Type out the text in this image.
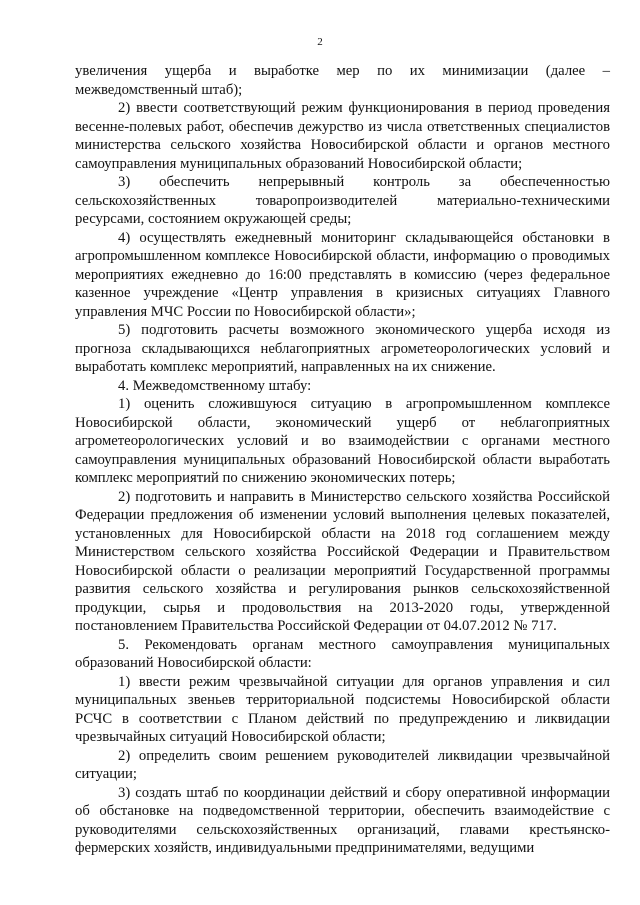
2

увеличения ущерба и выработке мер по их минимизации (далее – межведомственный штаб);

2) ввести соответствующий режим функционирования в период проведения весенне-полевых работ, обеспечив дежурство из числа ответственных специалистов министерства сельского хозяйства Новосибирской области и органов местного самоуправления муниципальных образований Новосибирской области;

3) обеспечить непрерывный контроль за обеспеченностью сельскохозяйственных товаропроизводителей материально-техническими ресурсами, состоянием окружающей среды;

4) осуществлять ежедневный мониторинг складывающейся обстановки в агропромышленном комплексе Новосибирской области, информацию о проводимых мероприятиях ежедневно до 16:00 представлять в комиссию (через федеральное казенное учреждение «Центр управления в кризисных ситуациях Главного управления МЧС России по Новосибирской области»;

5) подготовить расчеты возможного экономического ущерба исходя из прогноза складывающихся неблагоприятных агрометеорологических условий и выработать комплекс мероприятий, направленных на их снижение.

4. Межведомственному штабу:

1) оценить сложившуюся ситуацию в агропромышленном комплексе Новосибирской области, экономический ущерб от неблагоприятных агрометеорологических условий и во взаимодействии с органами местного самоуправления муниципальных образований Новосибирской области выработать комплекс мероприятий по снижению экономических потерь;

2) подготовить и направить в Министерство сельского хозяйства Российской Федерации предложения об изменении условий выполнения целевых показателей, установленных для Новосибирской области на 2018 год соглашением между Министерством сельского хозяйства Российской Федерации и Правительством Новосибирской области о реализации мероприятий Государственной программы развития сельского хозяйства и регулирования рынков сельскохозяйственной продукции, сырья и продовольствия на 2013-2020 годы, утвержденной постановлением Правительства Российской Федерации от 04.07.2012 № 717.

5. Рекомендовать органам местного самоуправления муниципальных образований Новосибирской области:

1) ввести режим чрезвычайной ситуации для органов управления и сил муниципальных звеньев территориальной подсистемы Новосибирской области РСЧС в соответствии с Планом действий по предупреждению и ликвидации чрезвычайных ситуаций Новосибирской области;

2) определить своим решением руководителей ликвидации чрезвычайной ситуации;

3) создать штаб по координации действий и сбору оперативной информации об обстановке на подведомственной территории, обеспечить взаимодействие с руководителями сельскохозяйственных организаций, главами крестьянско-фермерских хозяйств, индивидуальными предпринимателями, ведущими
